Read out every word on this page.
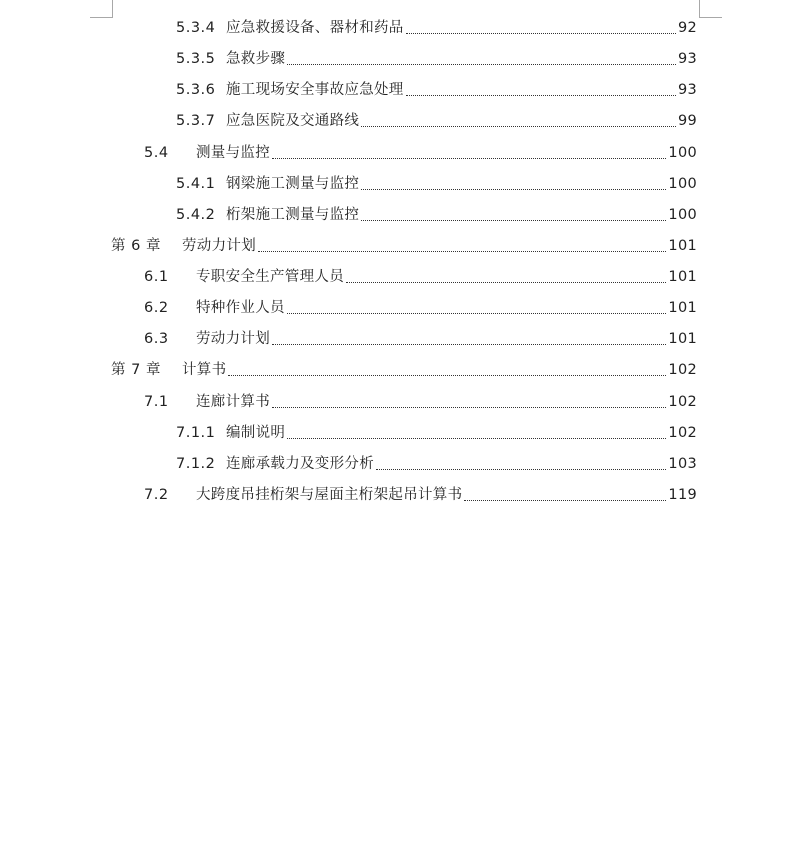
5.3.4 应急救援设备、器材和药品	92
5.3.5 急救步骤	93
5.3.6 施工现场安全事故应急处理	93
5.3.7 应急医院及交通路线	99
5.4	测量与监控	100
5.4.1 钢梁施工测量与监控	100
5.4.2 桁架施工测量与监控	100
第 6 章	劳动力计划	101
6.1	专职安全生产管理人员	101
6.2	特种作业人员	101
6.3	劳动力计划	101
第 7 章	计算书	102
7.1	连廊计算书	102
7.1.1 编制说明	102
7.1.2 连廊承载力及变形分析	103
7.2	大跨度吊挂桁架与屋面主桁架起吊计算书	119
